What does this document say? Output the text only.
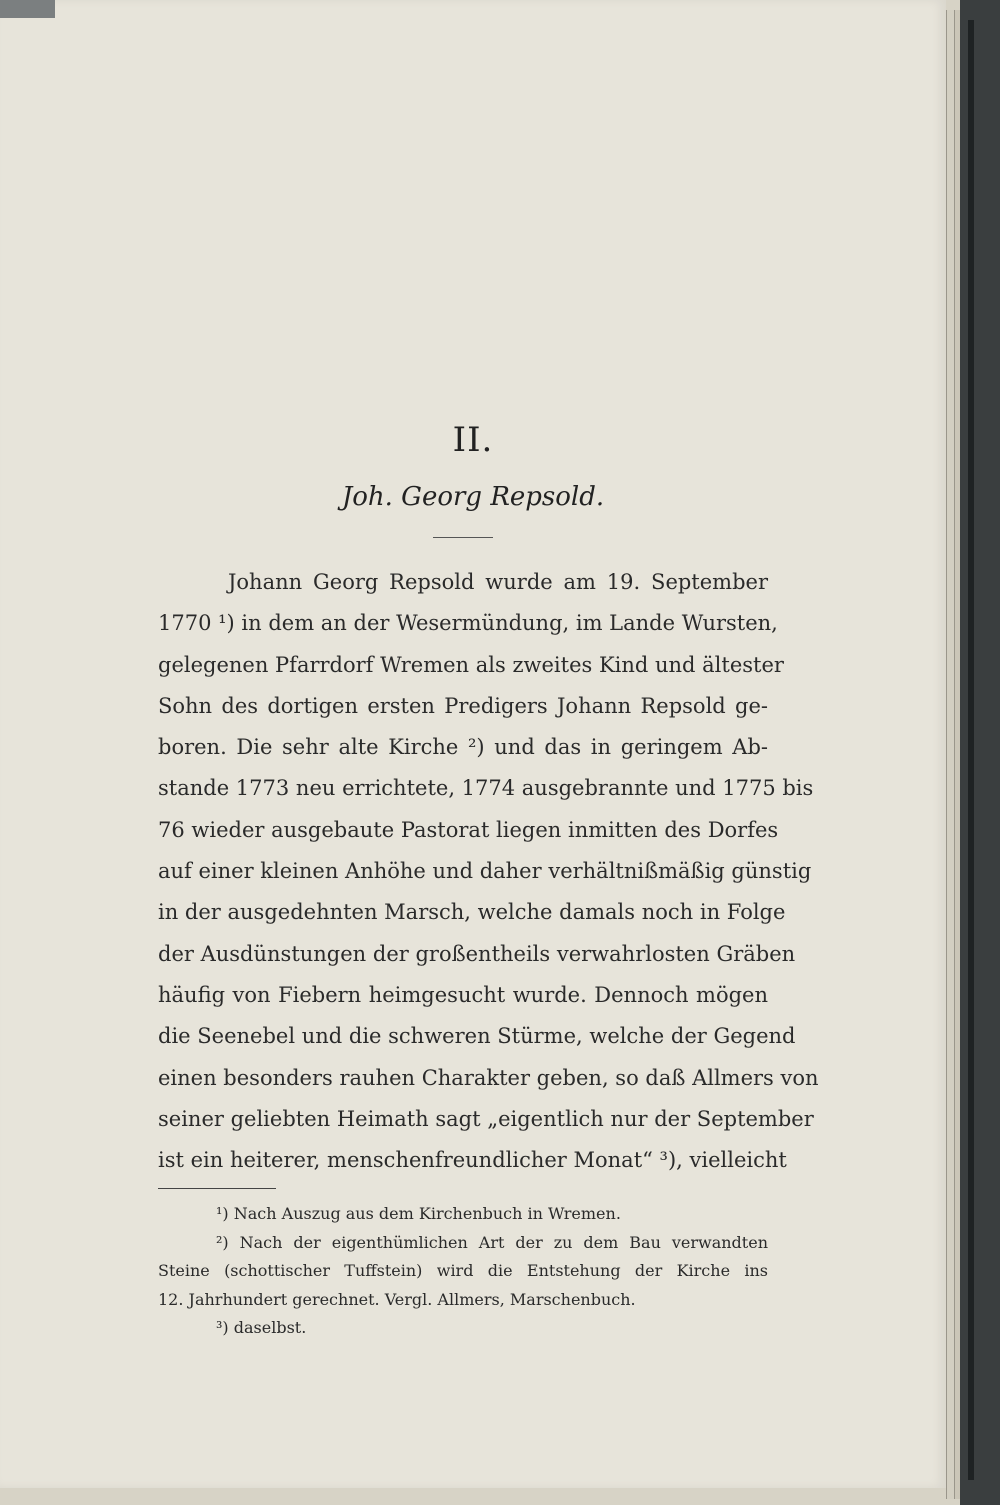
II.
Joh. Georg Repsold.
Johann Georg Repsold wurde am 19. September
1770 ¹) in dem an der Wesermündung, im Lande Wursten,
gelegenen Pfarrdorf Wremen als zweites Kind und ältester
Sohn des dortigen ersten Predigers Johann Repsold ge-
boren. Die sehr alte Kirche ²) und das in geringem Ab-
stande 1773 neu errichtete, 1774 ausgebrannte und 1775 bis
76 wieder ausgebaute Pastorat liegen inmitten des Dorfes
auf einer kleinen Anhöhe und daher verhältnißmäßig günstig
in der ausgedehnten Marsch, welche damals noch in Folge
der Ausdünstungen der großentheils verwahrlosten Gräben
häufig von Fiebern heimgesucht wurde. Dennoch mögen
die Seenebel und die schweren Stürme, welche der Gegend
einen besonders rauhen Charakter geben, so daß Allmers von
seiner geliebten Heimath sagt „eigentlich nur der September
ist ein heiterer, menschenfreundlicher Monat“ ³), vielleicht
¹) Nach Auszug aus dem Kirchenbuch in Wremen.
²) Nach der eigenthümlichen Art der zu dem Bau verwandten
Steine (schottischer Tuffstein) wird die Entstehung der Kirche ins
12. Jahrhundert gerechnet. Vergl. Allmers, Marschenbuch.
³) daselbst.
